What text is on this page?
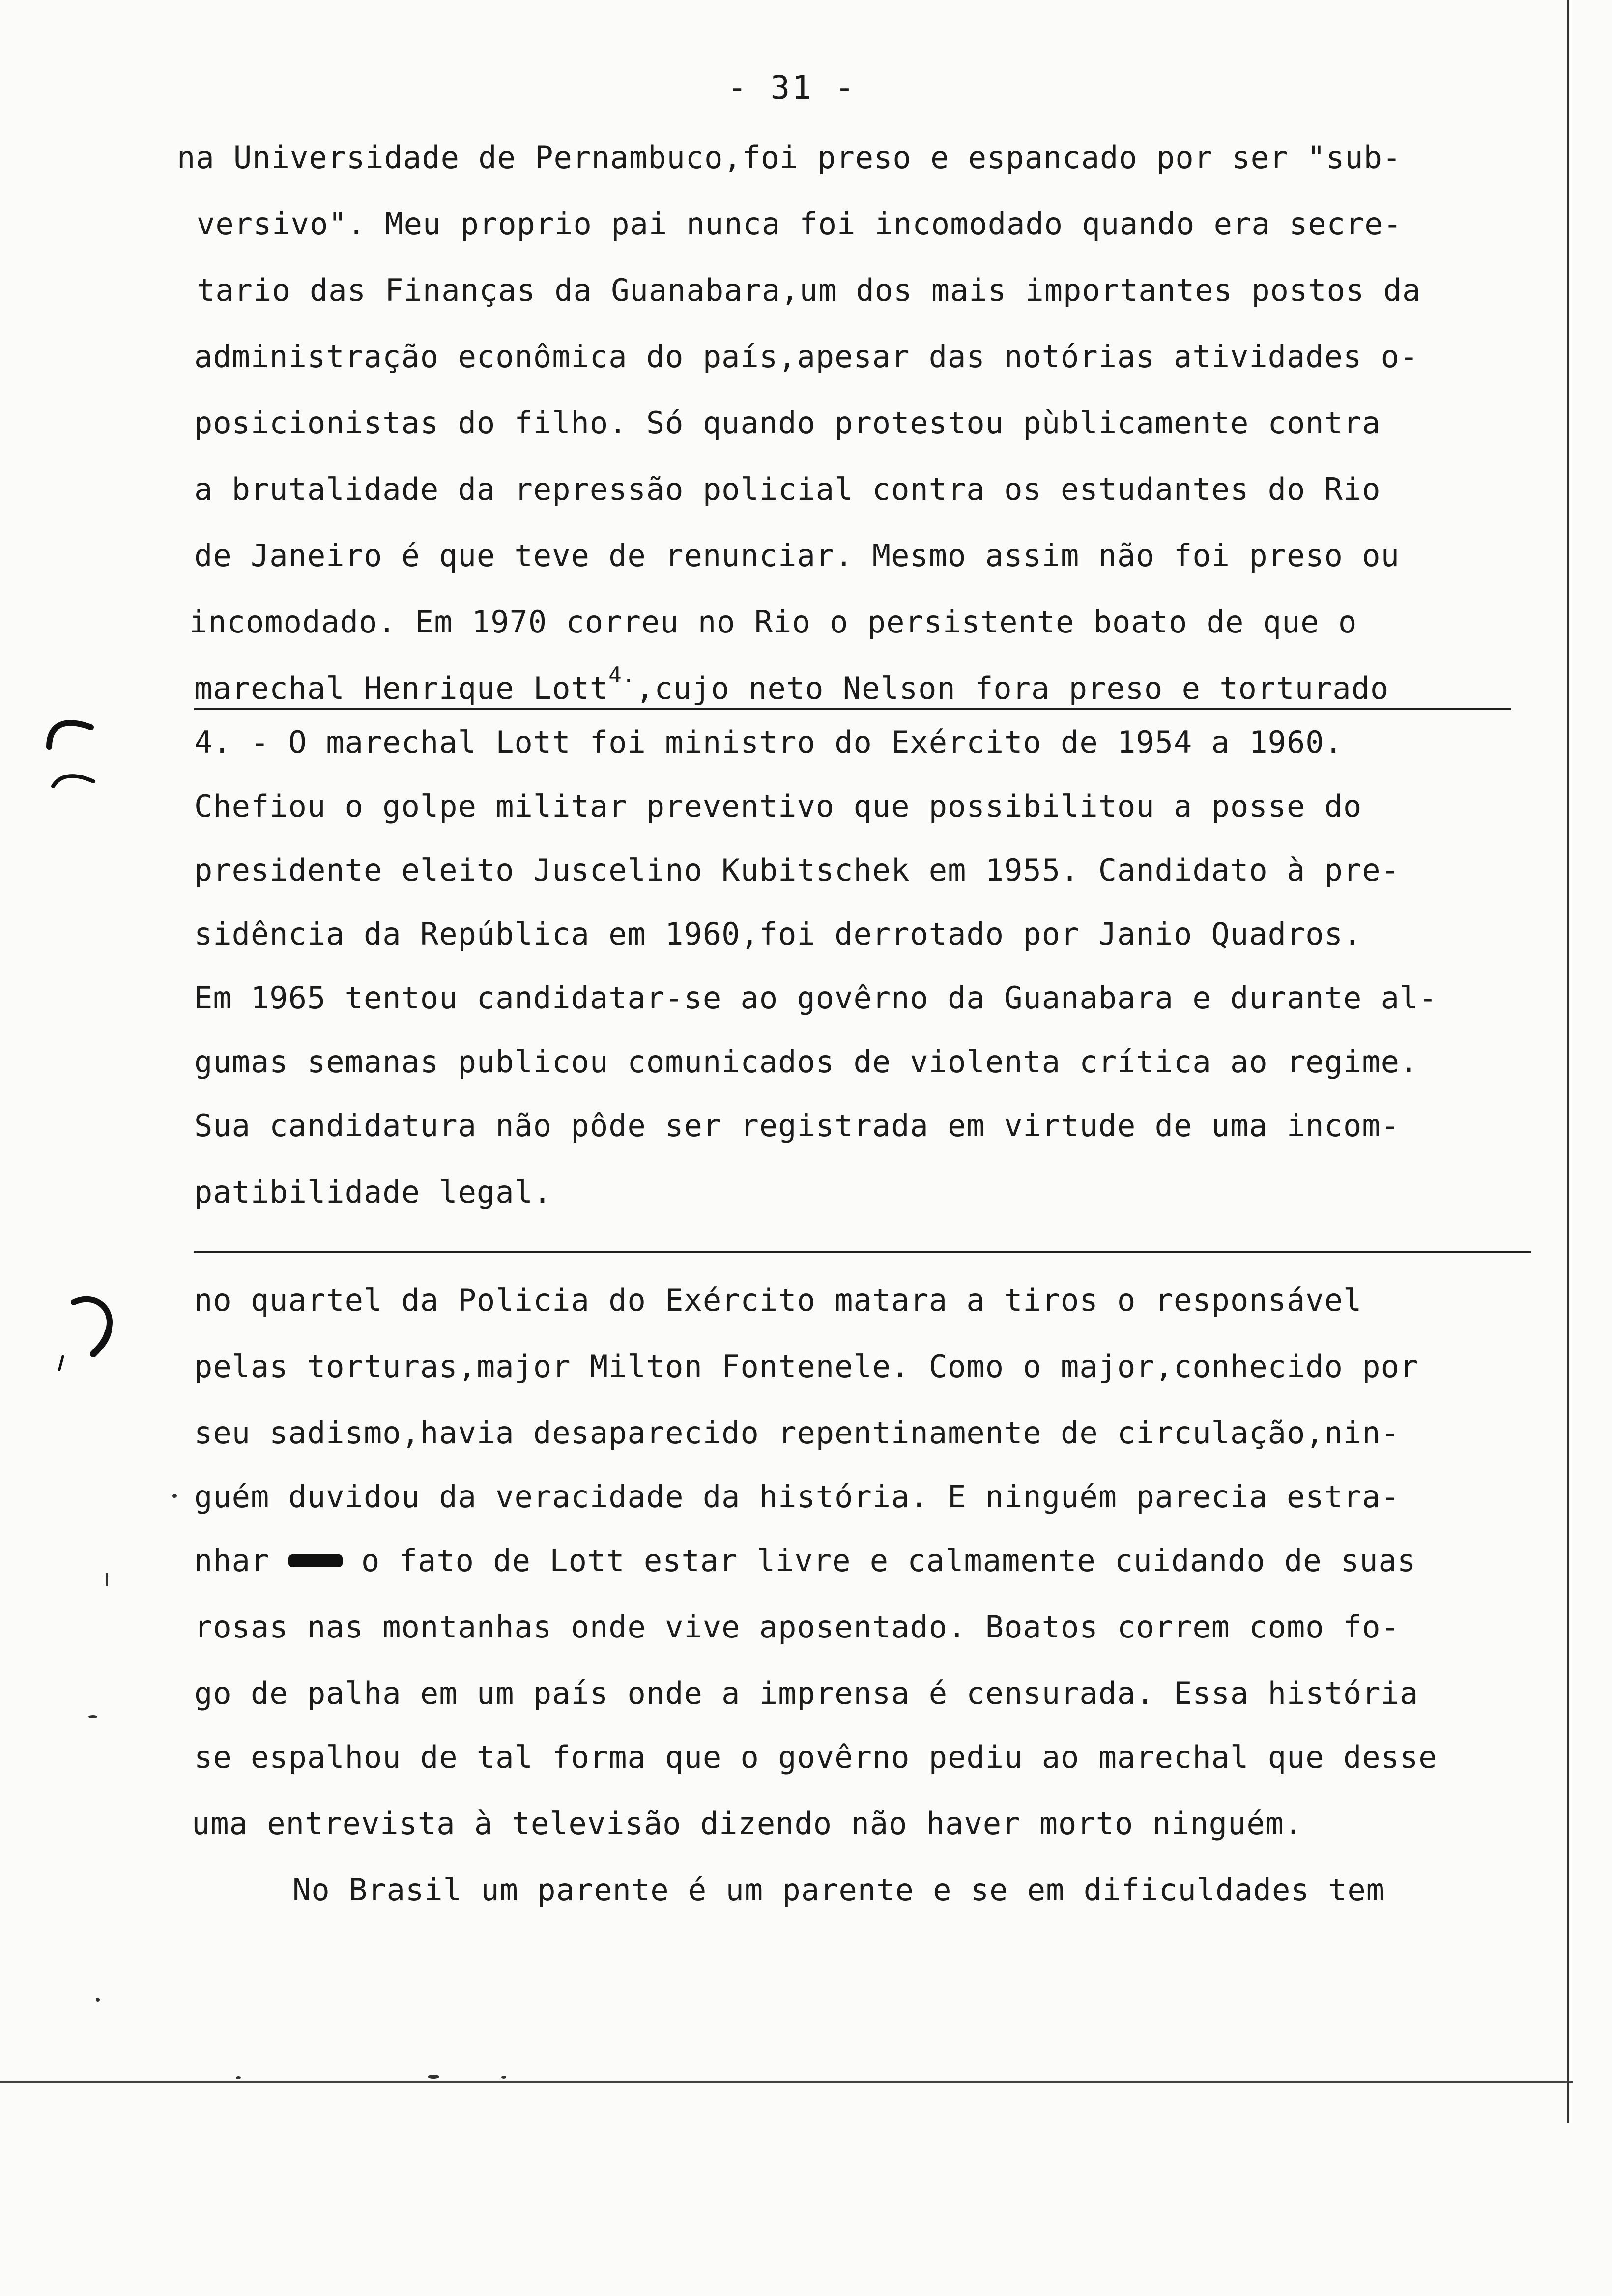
- 31 -
na Universidade de Pernambuco,foi preso e espancado por ser "sub-
versivo". Meu proprio pai nunca foi incomodado quando era secre-
tario das Finanças da Guanabara,um dos mais importantes postos da
administração econômica do país,apesar das notórias atividades o-
posicionistas do filho. Só quando protestou pùblicamente contra
a brutalidade da repressão policial contra os estudantes do Rio
de Janeiro é que teve de renunciar. Mesmo assim não foi preso ou
incomodado. Em 1970 correu no Rio o persistente boato de que o
marechal Henrique Lott$^{4.}$,cujo neto Nelson fora preso e torturado
4. - O marechal Lott foi ministro do Exército de 1954 a 1960.
Chefiou o golpe militar preventivo que possibilitou a posse do
presidente eleito Juscelino Kubitschek em 1955. Candidato à pre-
sidência da República em 1960,foi derrotado por Janio Quadros.
Em 1965 tentou candidatar-se ao govêrno da Guanabara e durante al-
gumas semanas publicou comunicados de violenta crítica ao regime.
Sua candidatura não pôde ser registrada em virtude de uma incom-
patibilidade legal.
no quartel da Policia do Exército matara a tiros o responsável
pelas torturas,major Milton Fontenele. Como o major,conhecido por
seu sadismo,havia desaparecido repentinamente de circulação,nin-
guém duvidou da veracidade da história. E ninguém parecia estra-
nhar  o fato de Lott estar livre e calmamente cuidando de suas
rosas nas montanhas onde vive aposentado. Boatos correm como fo-
go de palha em um país onde a imprensa é censurada. Essa história
se espalhou de tal forma que o govêrno pediu ao marechal que desse
uma entrevista à televisão dizendo não haver morto ninguém.
No Brasil um parente é um parente e se em dificuldades tem
